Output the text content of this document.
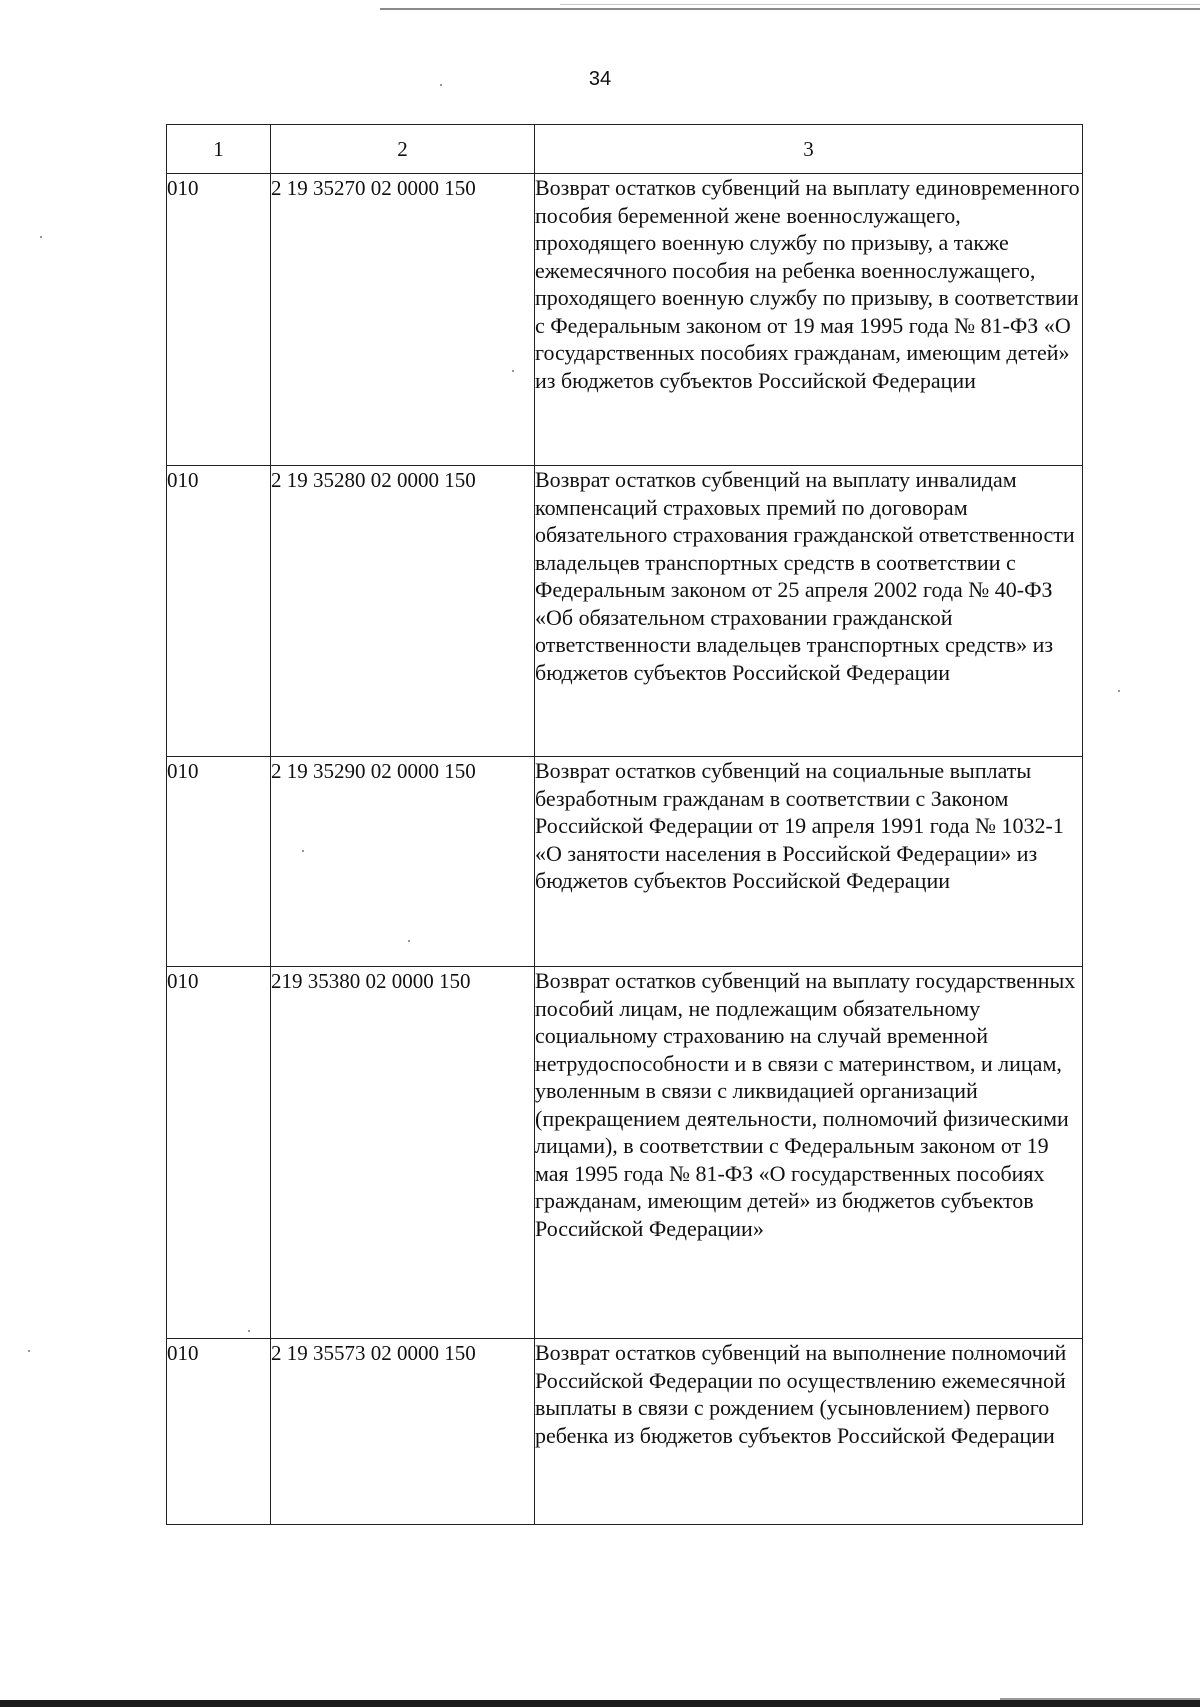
34
1	2	3
010	2 19 35270 02 0000 150	Возврат остатков субвенций на выплату единовременного пособия беременной жене военнослужащего, проходящего военную службу по призыву, а также ежемесячного пособия на ребенка военнослужащего, проходящего военную службу по призыву, в соответствии с Федеральным законом от 19 мая 1995 года № 81-ФЗ «О государственных пособиях гражданам, имеющим детей» из бюджетов субъектов Российской Федерации
010	2 19 35280 02 0000 150	Возврат остатков субвенций на выплату инвалидам компенсаций страховых премий по договорам обязательного страхования гражданской ответственности владельцев транспортных средств в соответствии с Федеральным законом от 25 апреля 2002 года № 40-ФЗ «Об обязательном страховании гражданской ответственности владельцев транспортных средств» из бюджетов субъектов Российской Федерации
010	2 19 35290 02 0000 150	Возврат остатков субвенций на социальные выплаты безработным гражданам в соответствии с Законом Российской Федерации от 19 апреля 1991 года № 1032-1 «О занятости населения в Российской Федерации» из бюджетов субъектов Российской Федерации
010	219 35380 02 0000 150	Возврат остатков субвенций на выплату государственных пособий лицам, не подлежащим обязательному социальному страхованию на случай временной нетрудоспособности и в связи с материнством, и лицам, уволенным в связи с ликвидацией организаций (прекращением деятельности, полномочий физическими лицами), в соответствии с Федеральным законом от 19 мая 1995 года № 81-ФЗ «О государственных пособиях гражданам, имеющим детей» из бюджетов субъектов Российской Федерации»
010	2 19 35573 02 0000 150	Возврат остатков субвенций на выполнение полномочий Российской Федерации по осуществлению ежемесячной выплаты в связи с рождением (усыновлением) первого ребенка из бюджетов субъектов Российской Федерации
